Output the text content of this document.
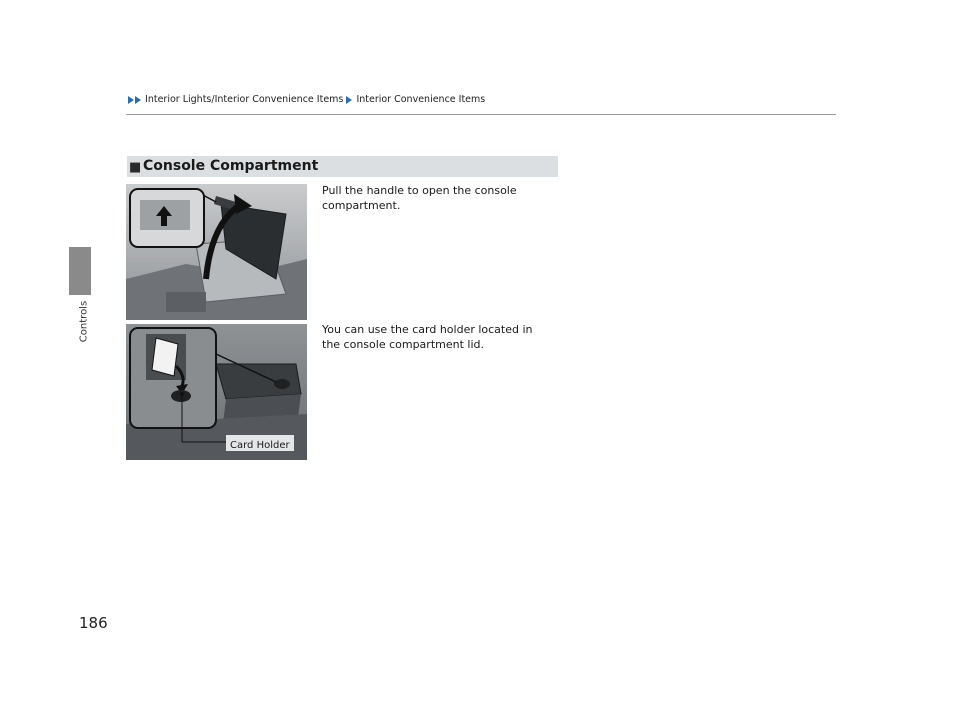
Interior Lights/Interior Convenience Items Interior Convenience Items
Controls
■ Console Compartment
Card Holder
Pull the handle to open the console compartment.
You can use the card holder located in the console compartment lid.
186
